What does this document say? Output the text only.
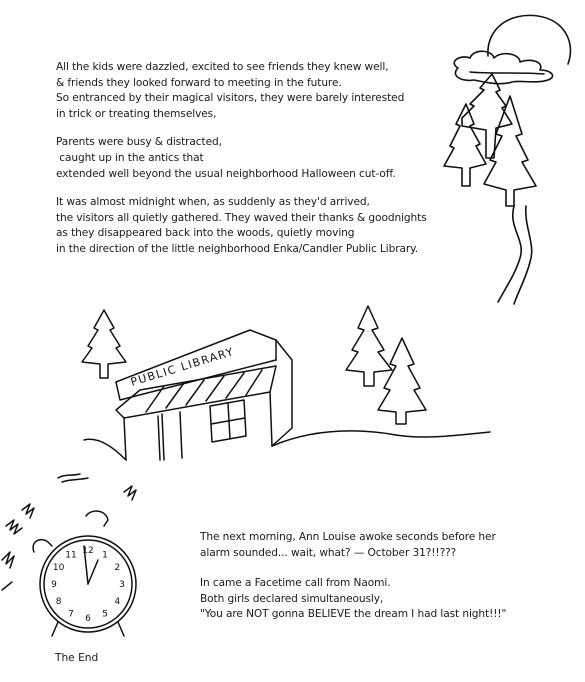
All the kids were dazzled, excited to see friends they knew well,
& friends they looked forward to meeting in the future.
So entranced by their magical visitors, they were barely interested
in trick or treating themselves,
Parents were busy & distracted,
caught up in the antics that
extended well beyond the usual neighborhood Halloween cut-off.
It was almost midnight when, as suddenly as they'd arrived,
the visitors all quietly gathered. They waved their thanks & goodnights
as they disappeared back into the woods, quietly moving
in the direction of the little neighborhood Enka/Candler Public Library.
PUBLIC LIBRARY
12 1
2
3
4
5
6
7
8
9
10
11
The next morning, Ann Louise awoke seconds before her
alarm sounded... wait, what? — October 31?!!???
In came a Facetime call from Naomi.
Both girls declared simultaneously,
"You are NOT gonna BELIEVE the dream I had last night!!!"
The End
